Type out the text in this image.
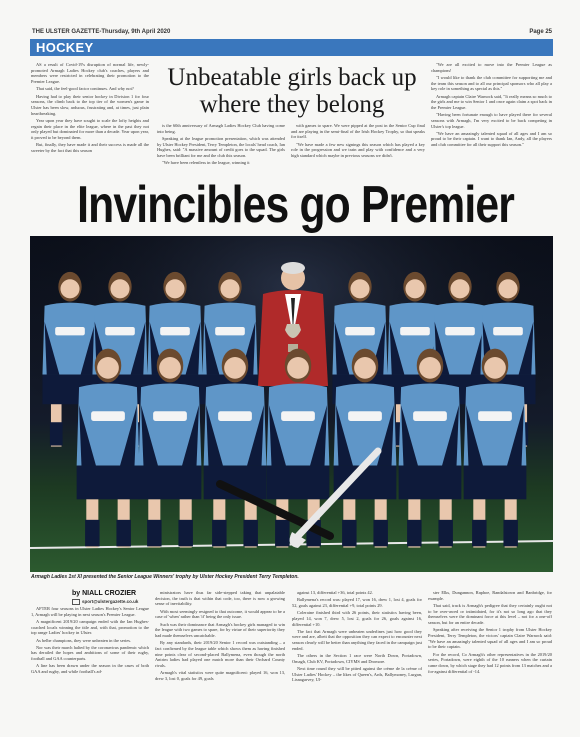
THE ULSTER GAZETTE-Thursday, 9th April 2020	Page 25
HOCKEY

AS a result of Covid-19's disruption of normal life, newly-promoted Armagh Ladies Hockey club's coaches, players and members were restricted in celebrating their promotion to the Premier League.

That said, the feel-good factor continues. And why not?

Having had to play their senior hockey in Division 1 for four seasons, the climb back to the top tier of the women's game in Ulster has been slow, arduous, frustrating and, at times, just plain heartbreaking.

Year upon year they have sought to scale the lofty heights and regain their place in the elite league, where in the past they not only played but dominated for more than a decade. Year upon year, it proved to be beyond them.

But, finally, they have made it and their success is made all the sweeter by the fact that this season

Unbeatable girls back up where they belong

is the 60th anniversary of Armagh Ladies Hockey Club having come into being.

Speaking at the league promotion presentation, which was attended by Ulster Hockey President, Terry Templeton, the locals' head coach, Ian Hughes, said: "A massive amount of credit goes to the squad. The girls have been brilliant for me and the club this season.

"We have been relentless in the league, winning it

with games to spare. We were pipped at the post in the Senior Cup final and are playing in the semi-final of the Irish Hockey Trophy, so that speaks for itself.

"We have made a few new signings this season which has played a key role in the progression and we train and play with confidence and a very high standard which maybe in previous seasons we didn't.

"We are all excited to move into the Premier League as champions!

"I would like to thank the club committee for supporting me and the team this season and to all our principal sponsors who all play a key role in something as special as this."

Armagh captain Claire Warnock said, "It really means so much to the girls and me to win Senior 1 and once again claim a spot back in the Premier League.

"Having been fortunate enough to have played there for several seasons with Armagh, I'm very excited to be back competing in Ulster's top league.

"We have an amazingly talented squad of all ages and I am so proud to be their captain. I want to thank Ian, Andy, all the players and club committee for all their support this season."

Invincibles go Premier
Armagh Ladies 1st XI presented the Senior League Winners' trophy by Ulster Hockey President Terry Templeton.
by NIALL CROZIER
sport@ulstergazette.co.uk

AFTER four seasons in Ulster Ladies Hockey's Senior League 1, Armagh will be playing in next season's Premier League.

A magnificent 2019/20 campaign ended with the Ian Hughes-coached locals winning the title and, with that, promotion to the top range Ladies' hockey in Ulster.

As belbe champions, they were unbeaten in the series.

Nor was their march halted by the coronavirus pandemic which has derailed the hopes and ambitions of some of their rugby, football and GAA counterparts.

A line has been drawn under the season in the cases of both GAA and rugby, and while football's ad-

ministrators have thus far side-stepped taking that unpalatable decision, the truth is that within that code, too, there is now a growing sense of inevitability.

With most seemingly resigned to that outcome, it would appear to be a case of 'when' rather than 'if' being the only issue.

Such was their dominance that Armagh's hockey girls managed to win the league with two games to spare, for by virtue of their superiority they had made themselves uncatchable.

By any standards, their 2019/20 Senior 1 record was outstanding – a fact confirmed by the league table which shows them as having finished nine points clear of second-placed Ballymena, even though the north Antrim ladies had played one match more than their Orchard County rivals.

Armagh's vital statistics were quite magnificent: played 16, won 13, drew 3, lost 0, goals for 49, goals

against 13, differential +36, total points 42.

Ballymena's record was: played 17, won 16, drew 1, lost 4, goals for 52, goals against 23, differential +9, total points 29.

Coleraine finished third with 26 points, their statistics having been, played 14, won 7, drew 5, lost 2, goals for 26, goals against 16, differential +10.

The fact that Armagh were unbeaten underlines just how good they were and are, albeit that the opposition they can expect to encounter next season clearly will be better than anything they faced in the campaign just ended.

The others in the Section 1 race were North Down, Portadown, Omagh, Club KV, Portadown, CIYMS and Dromore.

Next time round they will be pitted against the crème de la crème of Ulster Ladies' Hockey – the likes of Queen's, Ards, Ballymoney, Lurgan, Lisnagarvey, Ul-

ster Elks, Dungannon, Raphoe, Randalstown and Banbridge, for example.

That said, track is Armagh's pedigree that they certainly ought not to be over-awed or intimidated, for it's not so long ago that they themselves were the dominant force at this level – not for a one-off season, but for an entire decade.

Speaking after receiving the Senior 1 trophy from Ulster Hockey President, Terry Templeton, the victors' captain Claire Warnock said: "We have an amazingly talented squad of all ages and I am so proud to be their captain.

For the record, Co Armagh's other representatives in the 2019/20 series, Portadown, were eighth of the 10 runners when the curtain came down, by which stage they had 12 points from 13 matches and a for-against differential of -14.
